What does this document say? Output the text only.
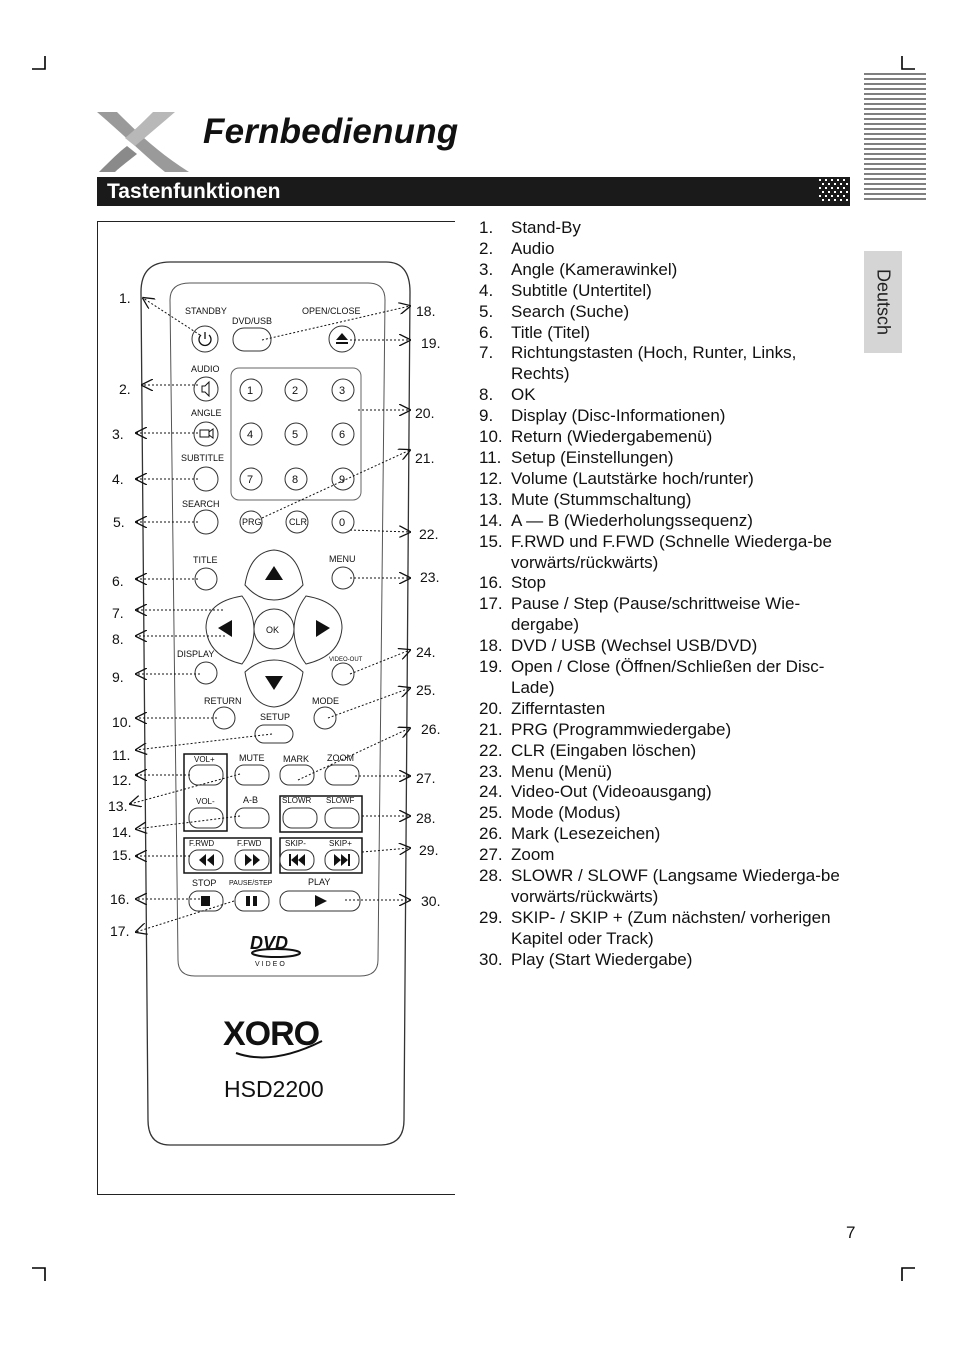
Fernbedienung
Tastenfunktionen
Deutsch
STANDBY
DVD/USB
OPEN/CLOSE
AUDIO
ANGLE
SUBTITLE
SEARCH
1	2	3
4	5	6
7	8	9
PRG	CLR	0
TITLE	MENU
OK
DISPLAY
VIDEO-OUT
RETURN	MODE
SETUP
VOL+
VOL-
MUTE MARK ZOOM
A-B	SLOWR SLOWF
F.RWD	F.FWD	SKIP-	SKIP+
STOP PAUSE/STEP	PLAY
DVD
VIDEO
XORO
HSD2200
1.
2.
3.
4.
5.
6.
7.
8.
9.
10.
11.
12.
13.
14.
15.
16.
17.
18.
19.
20.
21.
22.
23.
24.
25.
26.
27.
28.
29.
30.
1. Stand-By
2. Audio
3. Angle (Kamerawinkel)
4. Subtitle (Untertitel)
5. Search (Suche)
6. Title (Titel)
7. Richtungstasten (Hoch, Runter, Links, Rechts)
8. OK
9. Display (Disc-Informationen)
10. Return (Wiedergabemenü)
11. Setup (Einstellungen)
12. Volume (Lautstärke hoch/runter)
13. Mute (Stummschaltung)
14. A — B (Wiederholungssequenz)
15. F.RWD und F.FWD (Schnelle Wiederga-be vorwärts/rückwärts)
16. Stop
17. Pause / Step (Pause/schrittweise Wie-dergabe)
18. DVD / USB (Wechsel USB/DVD)
19. Open / Close (Öffnen/Schließen der Disc-Lade)
20. Zifferntasten
21. PRG (Programmwiedergabe)
22. CLR (Eingaben löschen)
23. Menu (Menü)
24. Video-Out (Videoausgang)
25. Mode (Modus)
26. Mark (Lesezeichen)
27. Zoom
28. SLOWR / SLOWF (Langsame Wiederga-be vorwärts/rückwärts)
29. SKIP- / SKIP + (Zum nächsten/ vorherigen Kapitel oder Track)
30. Play (Start Wiedergabe)
7
